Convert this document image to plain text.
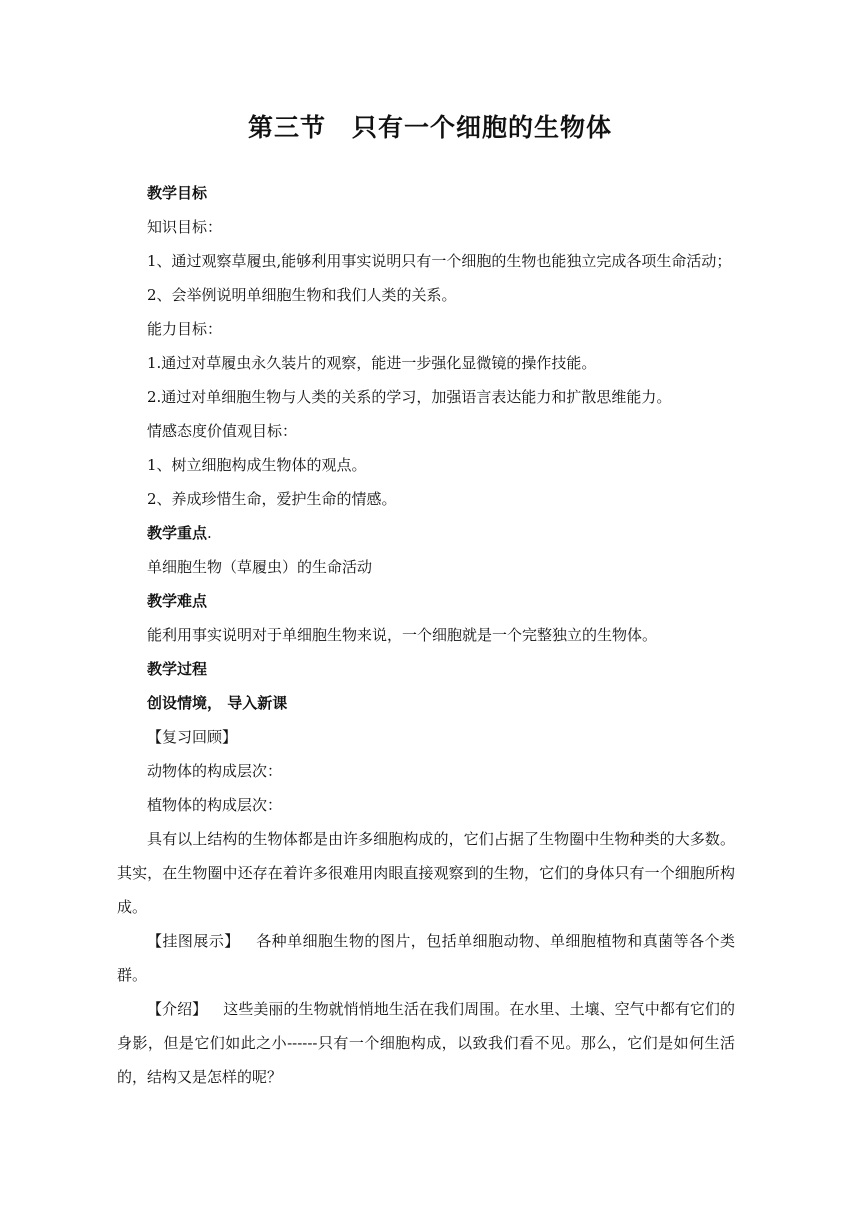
第三节　只有一个细胞的生物体

教学目标

知识目标：

1、通过观察草履虫,能够利用事实说明只有一个细胞的生物也能独立完成各项生命活动；

2、会举例说明单细胞生物和我们人类的关系。

能力目标：

1.通过对草履虫永久装片的观察，能进一步强化显微镜的操作技能。

2.通过对单细胞生物与人类的关系的学习，加强语言表达能力和扩散思维能力。

情感态度价值观目标：

1、树立细胞构成生物体的观点。

2、养成珍惜生命，爱护生命的情感。

教学重点.

单细胞生物（草履虫）的生命活动

教学难点

能利用事实说明对于单细胞生物来说，一个细胞就是一个完整独立的生物体。

教学过程

创设情境， 导入新课

【复习回顾】

动物体的构成层次：

植物体的构成层次：

具有以上结构的生物体都是由许多细胞构成的，它们占据了生物圈中生物种类的大多数。其实，在生物圈中还存在着许多很难用肉眼直接观察到的生物，它们的身体只有一个细胞所构成。

【挂图展示】 各种单细胞生物的图片，包括单细胞动物、单细胞植物和真菌等各个类群。

【介绍】 这些美丽的生物就悄悄地生活在我们周围。在水里、土壤、空气中都有它们的身影，但是它们如此之小------只有一个细胞构成，以致我们看不见。那么，它们是如何生活的，结构又是怎样的呢？
